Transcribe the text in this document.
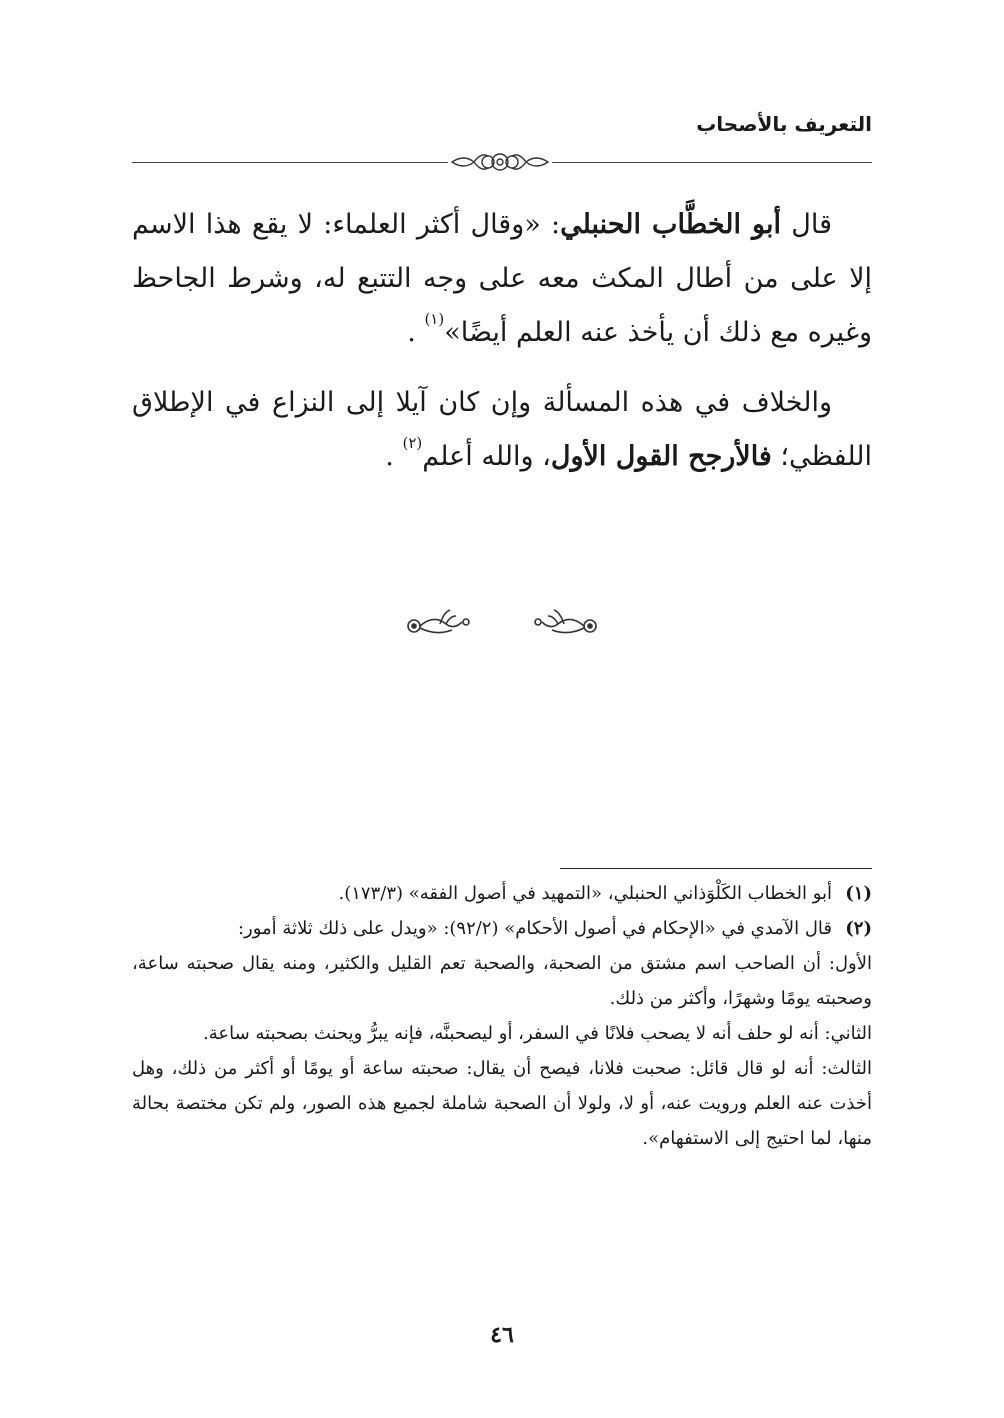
التعريف بالأصحاب

قال أبو الخطَّاب الحنبلي: «وقال أكثر العلماء: لا يقع هذا الاسم إلا على من أطال المكث معه على وجه التتبع له، وشرط الجاحظ وغيره مع ذلك أن يأخذ عنه العلم أيضًا»$^{(١)}$ .

والخلاف في هذه المسألة وإن كان آيلا إلى النزاع في الإطلاق اللفظي؛ فالأرجح القول الأول، والله أعلم$^{(٢)}$ .

(١)

أبو الخطاب الكَلْوَذاني الحنبلي، «التمهيد في أصول الفقه» (١٧٣/٣).

(٢)

قال الآمدي في «الإحكام في أصول الأحكام» (٩٢/٢): «ويدل على ذلك ثلاثة أمور:

الأول: أن الصاحب اسم مشتق من الصحبة، والصحبة تعم القليل والكثير، ومنه يقال صحبته ساعة، وصحبته يومًا وشهرًا، وأكثر من ذلك.

الثاني: أنه لو حلف أنه لا يصحب فلانًا في السفر، أو ليصحبنَّه، فإنه يبرُّ ويحنث بصحبته ساعة.

الثالث: أنه لو قال قائل: صحبت فلانا، فيصح أن يقال: صحبته ساعة أو يومًا أو أكثر من ذلك، وهل أخذت عنه العلم ورويت عنه، أو لا، ولولا أن الصحبة شاملة لجميع هذه الصور، ولم تكن مختصة بحالة منها، لما احتيج إلى الاستفهام».

٤٦
